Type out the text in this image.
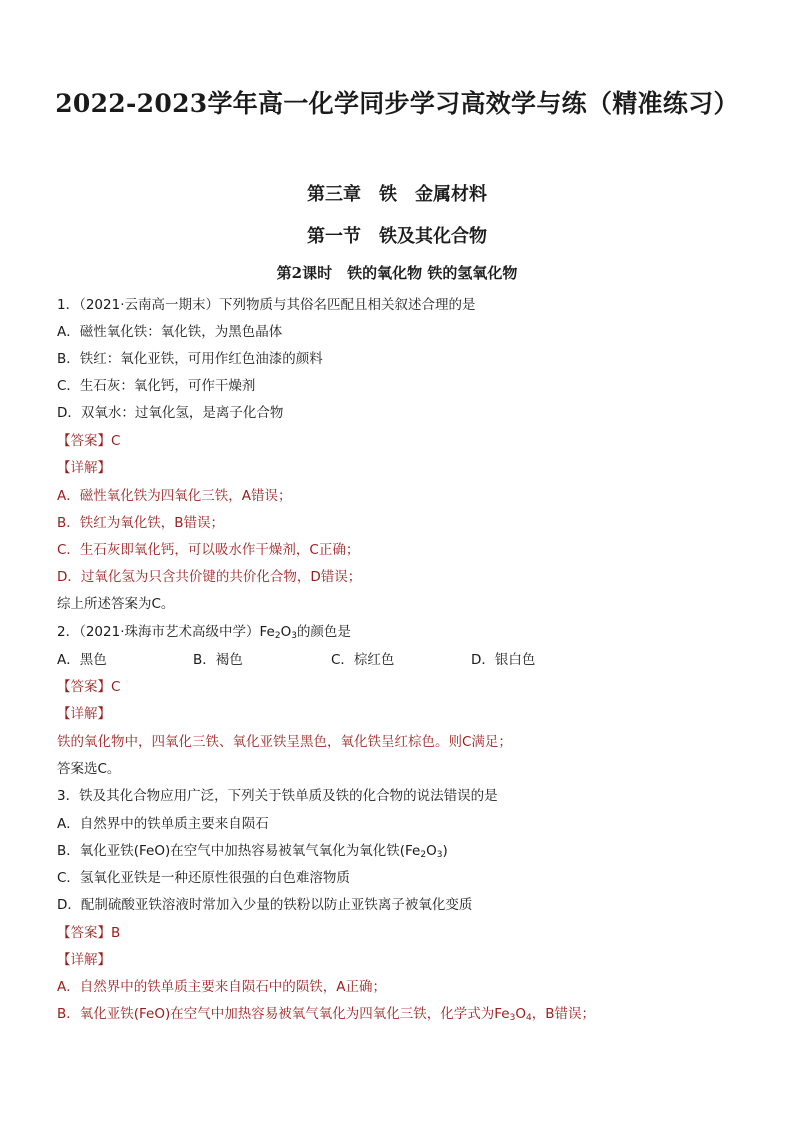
2022-2023学年高一化学同步学习高效学与练（精准练习）
第三章　铁　金属材料
第一节　铁及其化合物
第2课时　铁的氧化物 铁的氢氧化物
1．（2021·云南高一期末）下列物质与其俗名匹配且相关叙述合理的是
A．磁性氧化铁：氧化铁，为黑色晶体
B．铁红：氧化亚铁，可用作红色油漆的颜料
C．生石灰：氧化钙，可作干燥剂
D．双氧水：过氧化氢，是离子化合物
【答案】C
【详解】
A．磁性氧化铁为四氧化三铁，A错误；
B．铁红为氧化铁，B错误；
C．生石灰即氧化钙，可以吸水作干燥剂，C正确；
D．过氧化氢为只含共价键的共价化合物，D错误；
综上所述答案为C。
2．（2021·珠海市艺术高级中学）$Fe_2O_3$的颜色是
A．黑色	B．褐色	C．棕红色	D．银白色
【答案】C
【详解】
铁的氧化物中，四氧化三铁、氧化亚铁呈黑色，氧化铁呈红棕色。则C满足；
答案选C。
3．铁及其化合物应用广泛，下列关于铁单质及铁的化合物的说法错误的是
A．自然界中的铁单质主要来自陨石
B．氧化亚铁(FeO)在空气中加热容易被氧气氧化为氧化铁$(Fe_2O_3)$
C．氢氧化亚铁是一种还原性很强的白色难溶物质
D．配制硫酸亚铁溶液时常加入少量的铁粉以防止亚铁离子被氧化变质
【答案】B
【详解】
A．自然界中的铁单质主要来自陨石中的陨铁，A正确；
B．氧化亚铁(FeO)在空气中加热容易被氧气氧化为四氧化三铁，化学式为$Fe_3O_4$，B错误；
